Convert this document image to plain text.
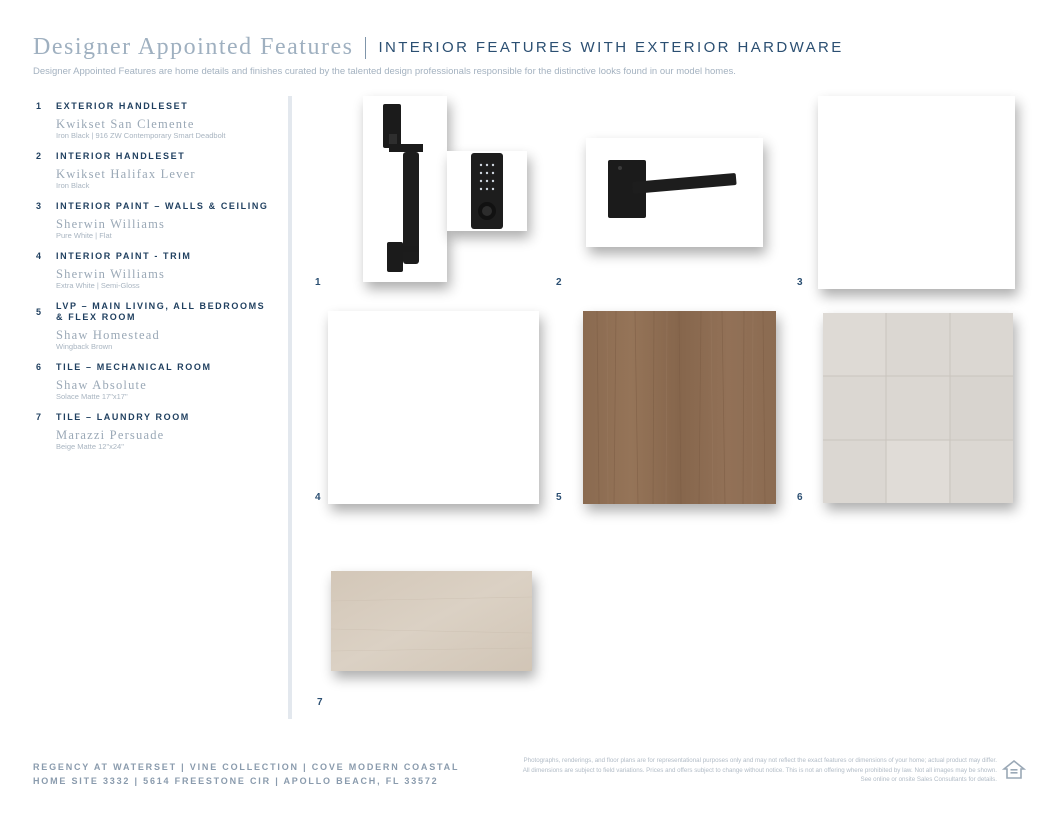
Designer Appointed Features INTERIOR FEATURES WITH EXTERIOR HARDWARE
Designer Appointed Features are home details and finishes curated by the talented design professionals responsible for the distinctive looks found in our model homes.
1 EXTERIOR HANDLESET
Kwikset San Clemente
Iron Black | 916 ZW Contemporary Smart Deadbolt
2 INTERIOR HANDLESET
Kwikset Halifax Lever
Iron Black
3 INTERIOR PAINT – WALLS & CEILING
Sherwin Williams
Pure White | Flat
4 INTERIOR PAINT - TRIM
Sherwin Williams
Extra White | Semi-Gloss
5
LVP – MAIN LIVING, ALL BEDROOMS & FLEX ROOM
Shaw Homestead
Wingback Brown
6 TILE – MECHANICAL ROOM
Shaw Absolute
Solace Matte 17"x17"
7 TILE – LAUNDRY ROOM
Marazzi Persuade
Beige Matte 12"x24"
1	2	3
4	5	6
7
REGENCY AT WATERSET | VINE COLLECTION | COVE MODERN COASTAL
HOME SITE 3332 | 5614 FREESTONE CIR | APOLLO BEACH, FL 33572
Photographs, renderings, and floor plans are for representational purposes only and may not reflect the exact features or dimensions of your home; actual product may differ. All dimensions are subject to field variations. Prices and offers subject to change without notice. This is not an offering where prohibited by law. Not all images may be shown. See online or onsite Sales Consultants for details.
